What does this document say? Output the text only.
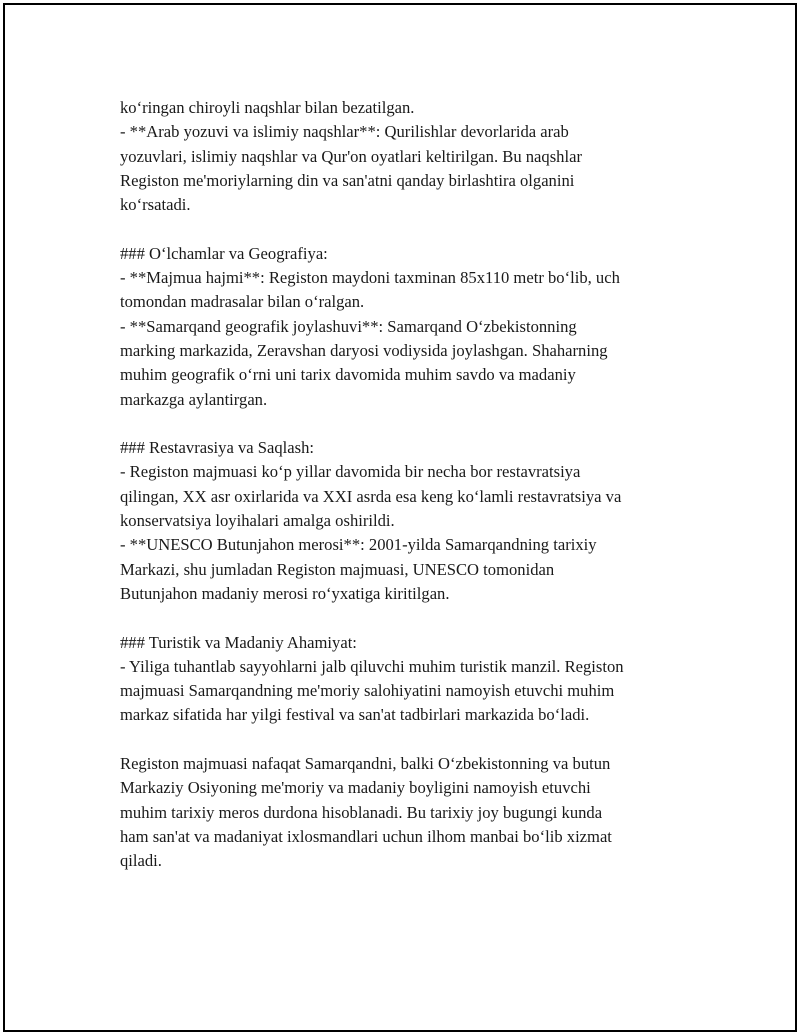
ko‘ringan chiroyli naqshlar bilan bezatilgan.
- **Arab yozuvi va islimiy naqshlar**: Qurilishlar devorlarida arab
yozuvlari, islimiy naqshlar va Qur'on oyatlari keltirilgan. Bu naqshlar
Registon me'moriylarning din va san'atni qanday birlashtira olganini
ko‘rsatadi.
### O‘lchamlar va Geografiya:
- **Majmua hajmi**: Registon maydoni taxminan 85x110 metr bo‘lib, uch
tomondan madrasalar bilan o‘ralgan.
- **Samarqand geografik joylashuvi**: Samarqand O‘zbekistonning
marking markazida, Zeravshan daryosi vodiysida joylashgan. Shaharning
muhim geografik o‘rni uni tarix davomida muhim savdo va madaniy
markazga aylantirgan.
### Restavrasiya va Saqlash:
- Registon majmuasi ko‘p yillar davomida bir necha bor restavratsiya
qilingan, XX asr oxirlarida va XXI asrda esa keng ko‘lamli restavratsiya va
konservatsiya loyihalari amalga oshirildi.
- **UNESCO Butunjahon merosi**: 2001-yilda Samarqandning tarixiy
Markazi, shu jumladan Registon majmuasi, UNESCO tomonidan
Butunjahon madaniy merosi ro‘yxatiga kiritilgan.
### Turistik va Madaniy Ahamiyat:
- Yiliga tuhantlab sayyohlarni jalb qiluvchi muhim turistik manzil. Registon
majmuasi Samarqandning me'moriy salohiyatini namoyish etuvchi muhim
markaz sifatida har yilgi festival va san'at tadbirlari markazida bo‘ladi.
Registon majmuasi nafaqat Samarqandni, balki O‘zbekistonning va butun
Markaziy Osiyoning me'moriy va madaniy boyligini namoyish etuvchi
muhim tarixiy meros durdona hisoblanadi. Bu tarixiy joy bugungi kunda
ham san'at va madaniyat ixlosmandlari uchun ilhom manbai bo‘lib xizmat
qiladi.
